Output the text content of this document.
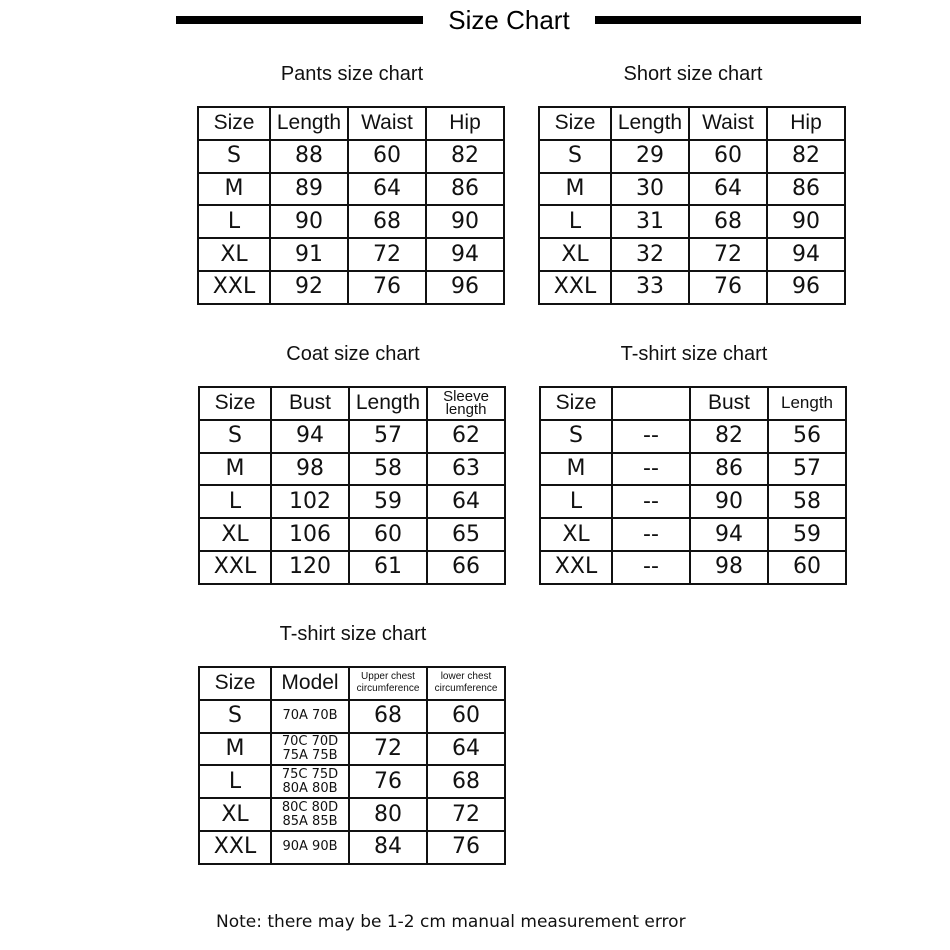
Size Chart
Pants size chart
Size	Length	Waist	Hip
S	88	60	82
M	89	64	86
L	90	68	90
XL	91	72	94
XXL	92	76	96
Short size chart
Size	Length	Waist	Hip
S	29	60	82
M	30	64	86
L	31	68	90
XL	32	72	94
XXL	33	76	96
Coat size chart
Size	Bust	Length	Sleeve length
S	94	57	62
M	98	58	63
L	102	59	64
XL	106	60	65
XXL	120	61	66
T-shirt size chart
Size		Bust	Length
S	--	82	56
M	--	86	57
L	--	90	58
XL	--	94	59
XXL	--	98	60
T-shirt size chart
Size	Model	Upper chest circumference	lower chest circumference
S	70A 70B	68	60
M	70C 70D 75A 75B	72	64
L	75C 75D 80A 80B	76	68
XL	80C 80D 85A 85B	80	72
XXL	90A 90B	84	76
Note: there may be 1-2 cm manual measurement error
